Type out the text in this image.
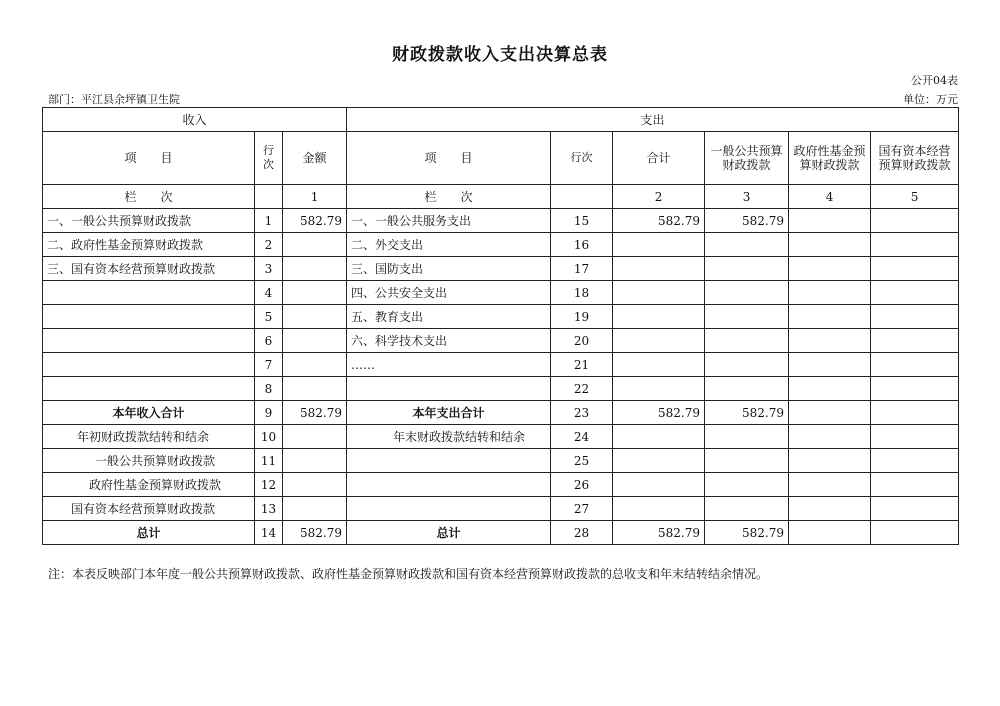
财政拨款收入支出决算总表
公开04表
部门：平江县余坪镇卫生院	单位：万元
收入			支出					
项　　目	行次	金额	项　　目	行次	合计	一般公共预算财政拨款	政府性基金预算财政拨款	国有资本经营预算财政拨款
栏　　次		1	栏　　次		2	3	4	5
一、一般公共预算财政拨款	1	582.79	一、一般公共服务支出	15	582.79	582.79		
二、政府性基金预算财政拨款	2		二、外交支出	16				
三、国有资本经营预算财政拨款	3		三、国防支出	17				
	4		四、公共安全支出	18				
	5		五、教育支出	19				
	6		六、科学技术支出	20				
	7		……	21				
	8			22				
本年收入合计	9	582.79	本年支出合计	23	582.79	582.79		
年初财政拨款结转和结余	10		年末财政拨款结转和结余	24				
一般公共预算财政拨款	11			25				
政府性基金预算财政拨款	12			26				
国有资本经营预算财政拨款	13			27				
总计	14	582.79	总计	28	582.79	582.79		
注：本表反映部门本年度一般公共预算财政拨款、政府性基金预算财政拨款和国有资本经营预算财政拨款的总收支和年末结转结余情况。
